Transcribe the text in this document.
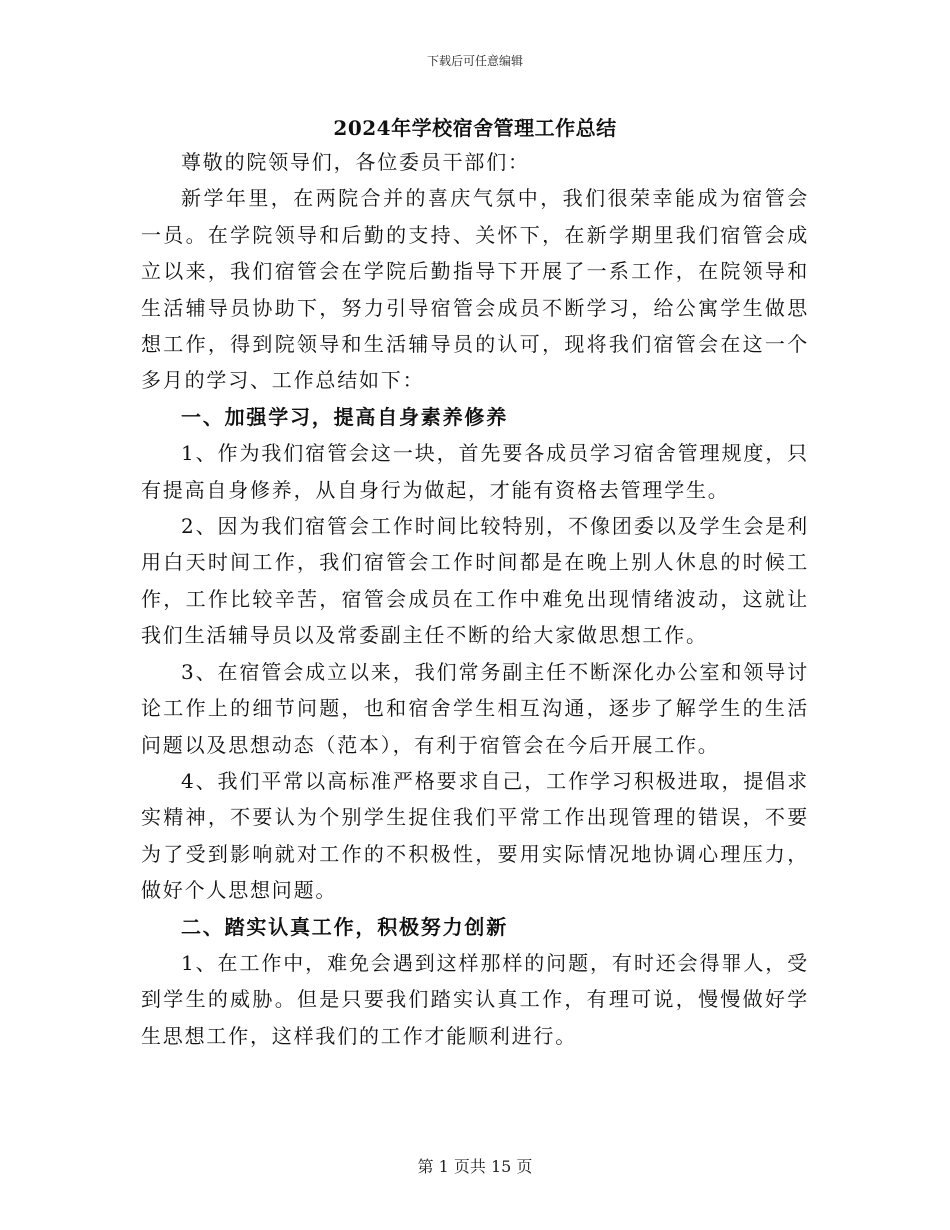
下载后可任意编辑
2024年学校宿舍管理工作总结

尊敬的院领导们，各位委员干部们：

新学年里，在两院合并的喜庆气氛中，我们很荣幸能成为宿管会一员。在学院领导和后勤的支持、关怀下，在新学期里我们宿管会成立以来，我们宿管会在学院后勤指导下开展了一系工作，在院领导和生活辅导员协助下，努力引导宿管会成员不断学习，给公寓学生做思想工作，得到院领导和生活辅导员的认可，现将我们宿管会在这一个多月的学习、工作总结如下：

一、加强学习，提高自身素养修养

1、作为我们宿管会这一块，首先要各成员学习宿舍管理规度，只有提高自身修养，从自身行为做起，才能有资格去管理学生。

2、因为我们宿管会工作时间比较特别，不像团委以及学生会是利用白天时间工作，我们宿管会工作时间都是在晚上别人休息的时候工作，工作比较辛苦，宿管会成员在工作中难免出现情绪波动，这就让我们生活辅导员以及常委副主任不断的给大家做思想工作。

3、在宿管会成立以来，我们常务副主任不断深化办公室和领导讨论工作上的细节问题，也和宿舍学生相互沟通，逐步了解学生的生活问题以及思想动态（范本），有利于宿管会在今后开展工作。

4、我们平常以高标准严格要求自己，工作学习积极进取，提倡求实精神，不要认为个别学生捉住我们平常工作出现管理的错误，不要为了受到影响就对工作的不积极性，要用实际情况地协调心理压力，做好个人思想问题。

二、踏实认真工作，积极努力创新

1、在工作中，难免会遇到这样那样的问题，有时还会得罪人，受到学生的威胁。但是只要我们踏实认真工作，有理可说，慢慢做好学生思想工作，这样我们的工作才能顺利进行。

第 1 页共 15 页
